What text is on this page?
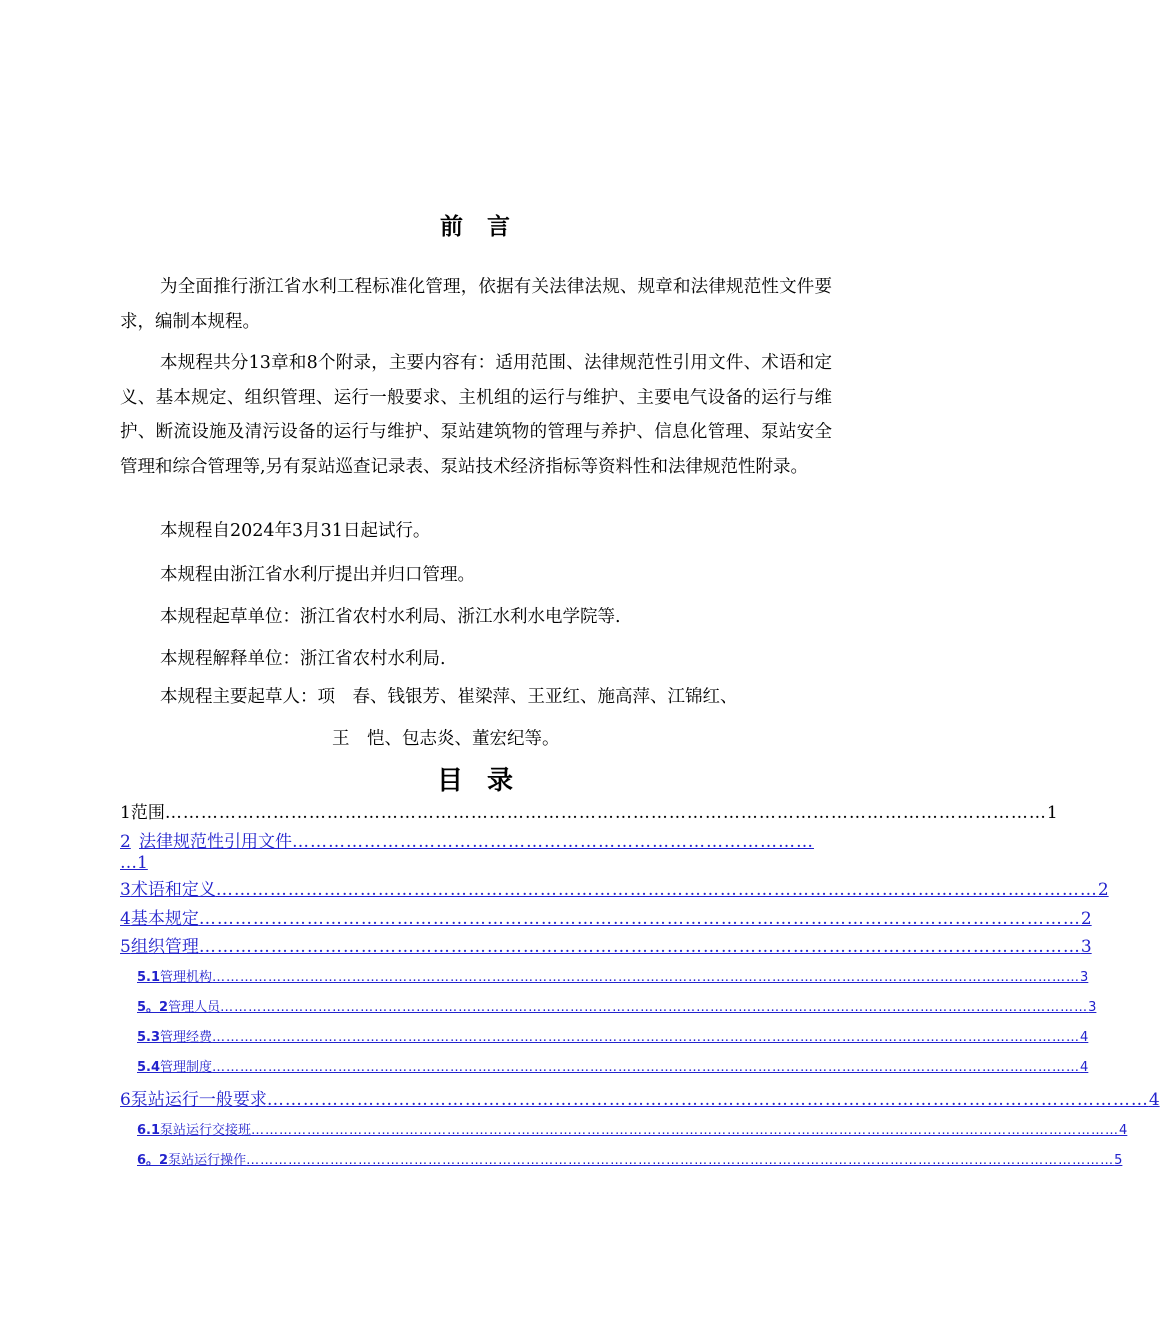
前言

为全面推行浙江省水利工程标准化管理，依据有关法律法规、规章和法律规范性文件要求，编制本规程。

本规程共分13章和8个附录，主要内容有：适用范围、法律规范性引用文件、术语和定义、基本规定、组织管理、运行一般要求、主机组的运行与维护、主要电气设备的运行与维护、断流设施及清污设备的运行与维护、泵站建筑物的管理与养护、信息化管理、泵站安全管理和综合管理等,另有泵站巡查记录表、泵站技术经济指标等资料性和法律规范性附录。

本规程自2024年3月31日起试行。

本规程由浙江省水利厅提出并归口管理。

本规程起草单位：浙江省农村水利局、浙江水利水电学院等.

本规程解释单位：浙江省农村水利局.

本规程主要起草人：项　春、钱银芳、崔梁萍、王亚红、施高萍、江锦红、
王　恺、包志炎、董宏纪等。
目录
1 范围 ………………………………………………………………………………………………………………………………… 1
2 法律规范性引用文件 ……………………………………………………………………………
… 1
3 术语和定义 ………………………………………………………………………………………………………………………………… 2
4 基本规定 ………………………………………………………………………………………………………………………………… 2
5 组织管理 ………………………………………………………………………………………………………………………………… 3
5.1 管理机构 …………………………………………………………………………………………………………………………………………………………………… 3
5。2 管理人员 …………………………………………………………………………………………………………………………………………………………………… 3
5.3 管理经费 …………………………………………………………………………………………………………………………………………………………………… 4
5.4 管理制度 …………………………………………………………………………………………………………………………………………………………………… 4
6 泵站运行一般要求 ………………………………………………………………………………………………………………………………… 4
6.1 泵站运行交接班 …………………………………………………………………………………………………………………………………………………………………… 4
6。2 泵站运行操作 …………………………………………………………………………………………………………………………………………………………………… 5
